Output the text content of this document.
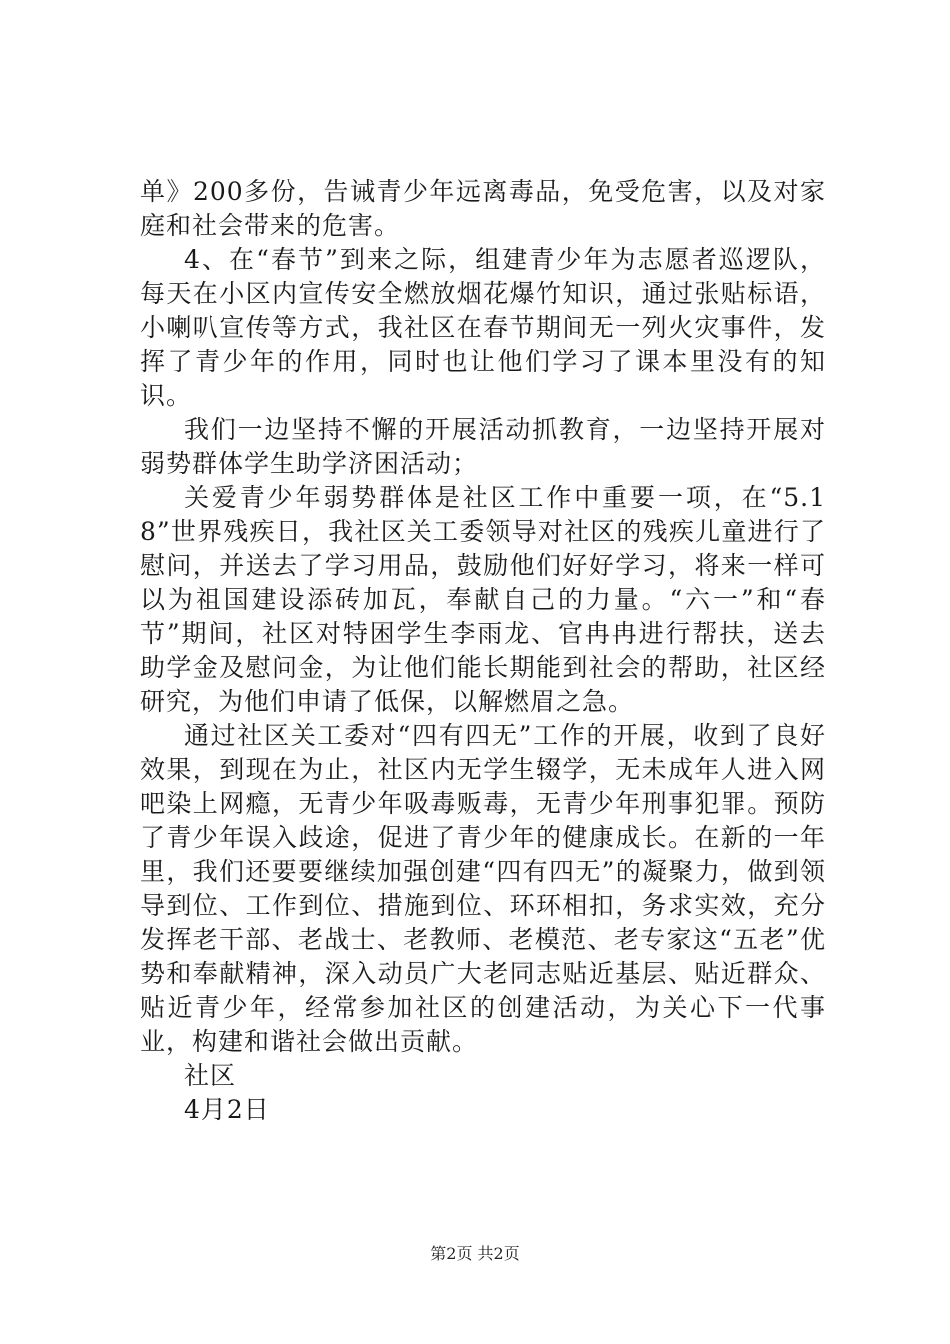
单》200多份，告诫青少年远离毒品，免受危害，以及对家庭和社会带来的危害。

4、在“春节”到来之际，组建青少年为志愿者巡逻队，每天在小区内宣传安全燃放烟花爆竹知识，通过张贴标语，小喇叭宣传等方式，我社区在春节期间无一列火灾事件，发挥了青少年的作用，同时也让他们学习了课本里没有的知识。

我们一边坚持不懈的开展活动抓教育，一边坚持开展对弱势群体学生助学济困活动；

关爱青少年弱势群体是社区工作中重要一项，在“5.18”世界残疾日，我社区关工委领导对社区的残疾儿童进行了慰问，并送去了学习用品，鼓励他们好好学习，将来一样可以为祖国建设添砖加瓦，奉献自己的力量。“六一”和“春节”期间，社区对特困学生李雨龙、官冉冉进行帮扶，送去助学金及慰问金，为让他们能长期能到社会的帮助，社区经研究，为他们申请了低保，以解燃眉之急。

通过社区关工委对“四有四无”工作的开展，收到了良好效果，到现在为止，社区内无学生辍学，无未成年人进入网吧染上网瘾，无青少年吸毒贩毒，无青少年刑事犯罪。预防了青少年误入歧途，促进了青少年的健康成长。在新的一年里，我们还要要继续加强创建“四有四无”的凝聚力，做到领导到位、工作到位、措施到位、环环相扣，务求实效，充分发挥老干部、老战士、老教师、老模范、老专家这“五老”优势和奉献精神，深入动员广大老同志贴近基层、贴近群众、贴近青少年，经常参加社区的创建活动，为关心下一代事业，构建和谐社会做出贡献。

社区

4月2日

第2页 共2页
